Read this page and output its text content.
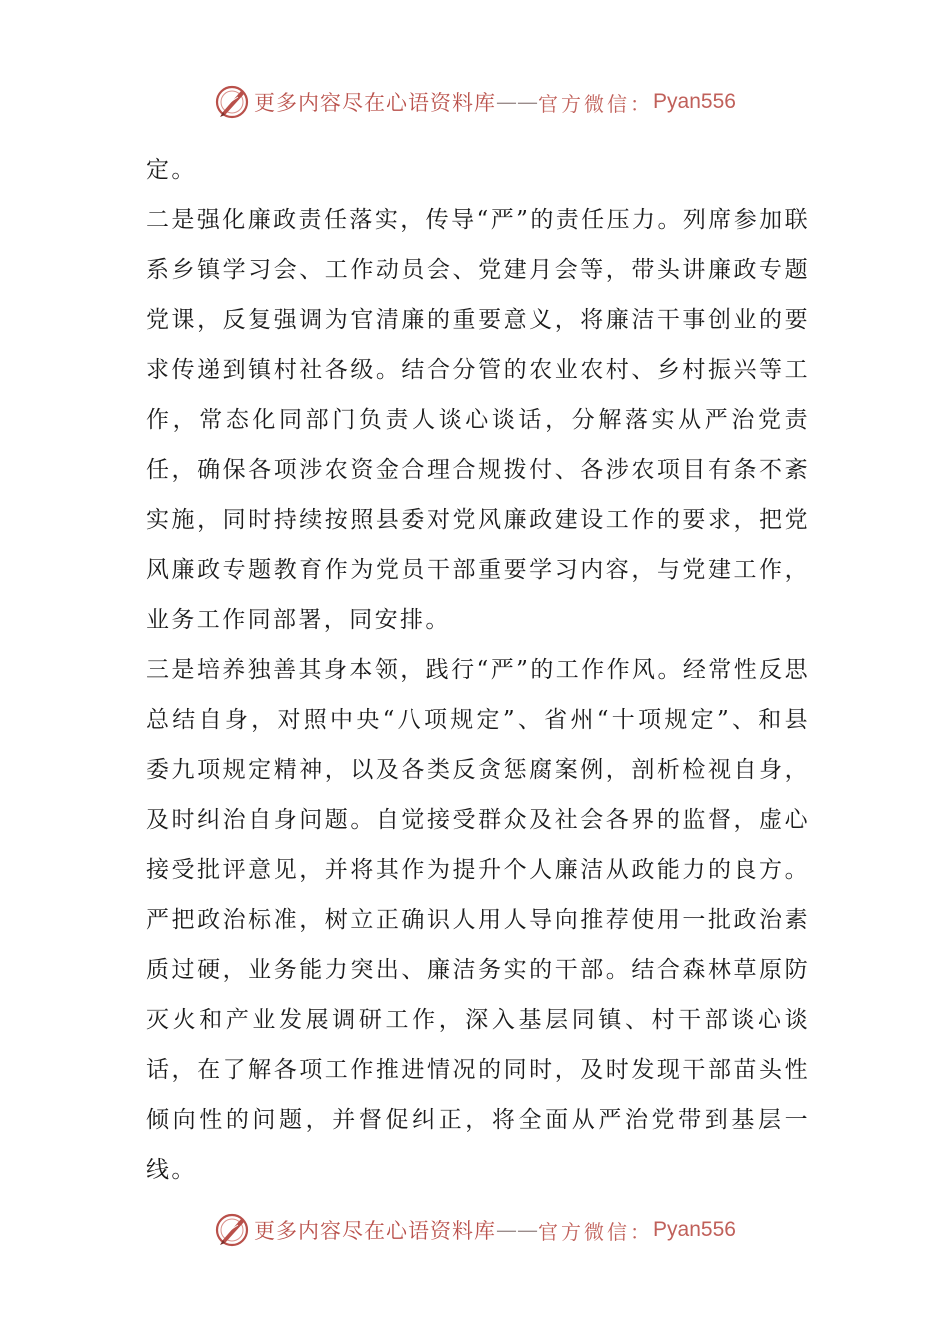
更多内容尽在心语资料库 —— 官方微信： Pyan556

定。

二是强化廉政责任落实，传导“严”的责任压力。列席参加联系乡镇学习会、工作动员会、党建月会等，带头讲廉政专题党课，反复强调为官清廉的重要意义，将廉洁干事创业的要求传递到镇村社各级。结合分管的农业农村、乡村振兴等工作，常态化同部门负责人谈心谈话，分解落实从严治党责任，确保各项涉农资金合理合规拨付、各涉农项目有条不紊实施，同时持续按照县委对党风廉政建设工作的要求，把党风廉政专题教育作为党员干部重要学习内容，与党建工作，业务工作同部署，同安排。

三是培养独善其身本领，践行“严”的工作作风。经常性反思总结自身，对照中央“八项规定”、省州“十项规定”、和县委九项规定精神，以及各类反贪惩腐案例，剖析检视自身，及时纠治自身问题。自觉接受群众及社会各界的监督，虚心接受批评意见，并将其作为提升个人廉洁从政能力的良方。严把政治标准，树立正确识人用人导向推荐使用一批政治素质过硬，业务能力突出、廉洁务实的干部。结合森林草原防灭火和产业发展调研工作，深入基层同镇、村干部谈心谈话，在了解各项工作推进情况的同时，及时发现干部苗头性倾向性的问题，并督促纠正，将全面从严治党带到基层一线。

更多内容尽在心语资料库 —— 官方微信： Pyan556
